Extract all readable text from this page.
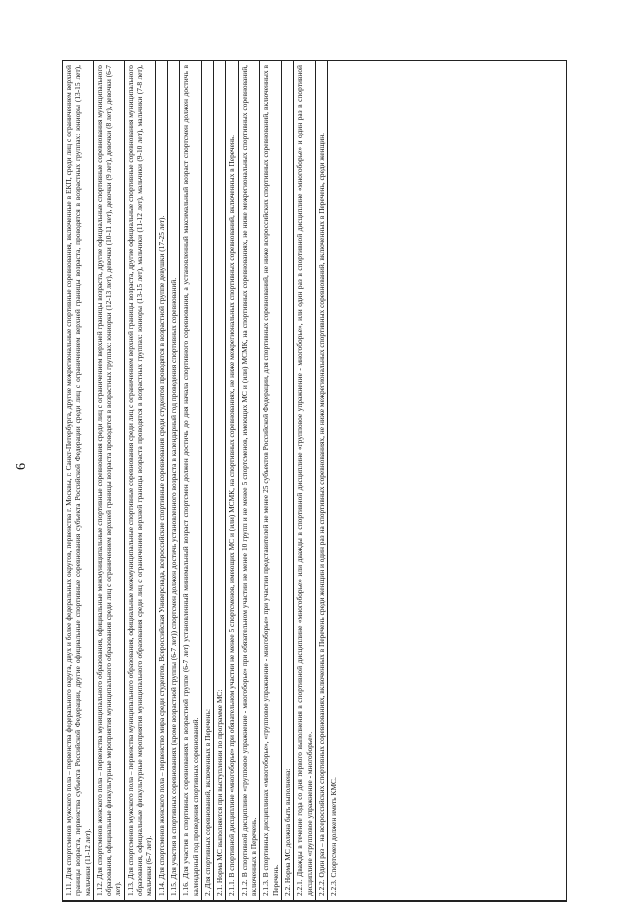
6	1.11. Для спортсменов мужского пола – первенства федерального округа, двух и более федеральных округов, первенства г. Москвы, г. Санкт-Петербурга, другие межрегиональные спортивные соревнования, включенные в ЕКП, среди лиц с ограничением верхней границы возраста, первенства субъекта Российской Федерации, другие официальные спортивные соревнования субъекта Российской Федерации среди лиц с ограничением верхней границы возраста, проводятся в возрастных группах: юниоры (13-15 лет), мальчики (11-12 лет). 1.12. Для спортсменов женского пола – первенства муниципального образования, официальные межмуниципальные спортивные соревнования среди лиц с ограничением верхней границы возраста, другие официальные спортивные соревнования муниципального образования, официальные физкультурные мероприятия муниципального образования среди лиц с ограничением верхней границы возраста проводятся в возрастных группах: юниорки (12-13 лет), девочки (10-11 лет), девочки (9 лет), девочки (8 лет), девочки (6-7 лет). 1.13. Для спортсменов мужского пола – первенства муниципального образования, официальные межмуниципальные спортивные соревнования среди лиц с ограничением верхней границы возраста, другие официальные спортивные соревнования муниципального образования, официальные физкультурные мероприятия муниципального образования среди лиц с ограничением верхней границы возраста проводятся в возрастных группах: юниоры (13-15 лет), мальчики (11-12 лет), мальчики (9-10 лет), мальчики (7-8 лет), мальчики (6-7 лет). 1.14. Для спортсменов женского пола – первенство мира среди студентов, Всероссийская Универсиада, всероссийские спортивные соревнования среди студентов проводятся в возрастной группе девушки (17-25 лет). 1.15. Для участия в спортивных соревнованиях (кроме возрастной группы (6-7 лет)) спортсмен должен достичь установленного возраста в календарный год проведения спортивных соревнований. 1.16. Для участия в спортивных соревнованиях в возрастной группе (6-7 лет) установленный минимальный возраст спортсмен должен достичь до дня начала спортивного соревнования, а установленный максимальный возраст спортсмен должен достичь в календарный год проведения спортивных соревнований. 2. Для спортивных соревнований, включенных в Перечень: 2.1. Норма МС выполняется при выступлении по программе МС: 2.1.1. В спортивной дисциплине «многоборье» при обязательном участии не менее 5 спортсменов, имеющих МС и (или) МСМК, на спортивных соревнованиях, не ниже межрегиональных спортивных соревнований, включенных в Перечень. 2.1.2. В спортивной дисциплине «групповое упражнение - многоборье» при обязательном участии не менее 10 групп и не менее 5 спортсменов, имеющих МС и (или) МСМК, на спортивных соревнованиях, не ниже межрегиональных спортивных соревнований, включенных в Перечень. 2.1.3. В спортивных дисциплинах «многоборье», «групповое упражнение - многоборье» при участии представителей не менее 25 субъектов Российской Федерации, для спортивных соревнований, не ниже всероссийских спортивных соревнований, включенных в Перечень. 2.2. Норма МС должна быть выполнена: 2.2.1. Дважды в течение года со дня первого выполнения в спортивной дисциплине «многоборье» или дважды в спортивной дисциплине «групповое упражнение - многоборье», или один раз в спортивной дисциплине «многоборье» и один раз в спортивной дисциплине «групповое упражнение - многоборье». 2.2.2. Один раз – на всероссийских спортивных соревнованиях, включенных в Перечень среди женщин и один раз на спортивных соревнованиях, не ниже межрегиональных спортивных соревнований, включенных в Перечень, среди женщин. 2.2.3. Спортсмен должен иметь КМС.
